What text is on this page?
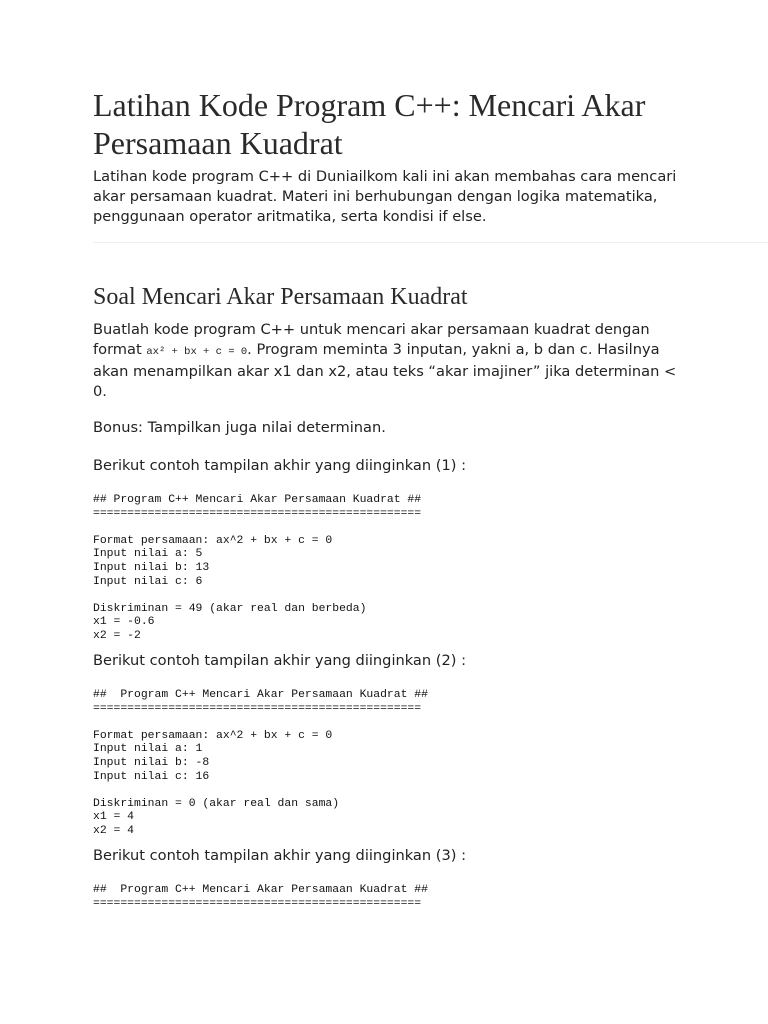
Latihan Kode Program C++: Mencari Akar Persamaan Kuadrat

Latihan kode program C++ di Duniailkom kali ini akan membahas cara mencari akar persamaan kuadrat. Materi ini berhubungan dengan logika matematika, penggunaan operator aritmatika, serta kondisi if else.

Soal Mencari Akar Persamaan Kuadrat

Buatlah kode program C++ untuk mencari akar persamaan kuadrat dengan format ax² + bx + c = 0. Program meminta 3 inputan, yakni a, b dan c. Hasilnya akan menampilkan akar x1 dan x2, atau teks “akar imajiner” jika determinan < 0.

Bonus: Tampilkan juga nilai determinan.

Berikut contoh tampilan akhir yang diinginkan (1) :

## Program C++ Mencari Akar Persamaan Kuadrat ##
================================================

Format persamaan: ax^2 + bx + c = 0
Input nilai a: 5
Input nilai b: 13
Input nilai c: 6

Diskriminan = 49 (akar real dan berbeda)
x1 = -0.6
x2 = -2

Berikut contoh tampilan akhir yang diinginkan (2) :

##  Program C++ Mencari Akar Persamaan Kuadrat ##
================================================

Format persamaan: ax^2 + bx + c = 0
Input nilai a: 1
Input nilai b: -8
Input nilai c: 16

Diskriminan = 0 (akar real dan sama)
x1 = 4
x2 = 4

Berikut contoh tampilan akhir yang diinginkan (3) :

##  Program C++ Mencari Akar Persamaan Kuadrat ##
================================================
